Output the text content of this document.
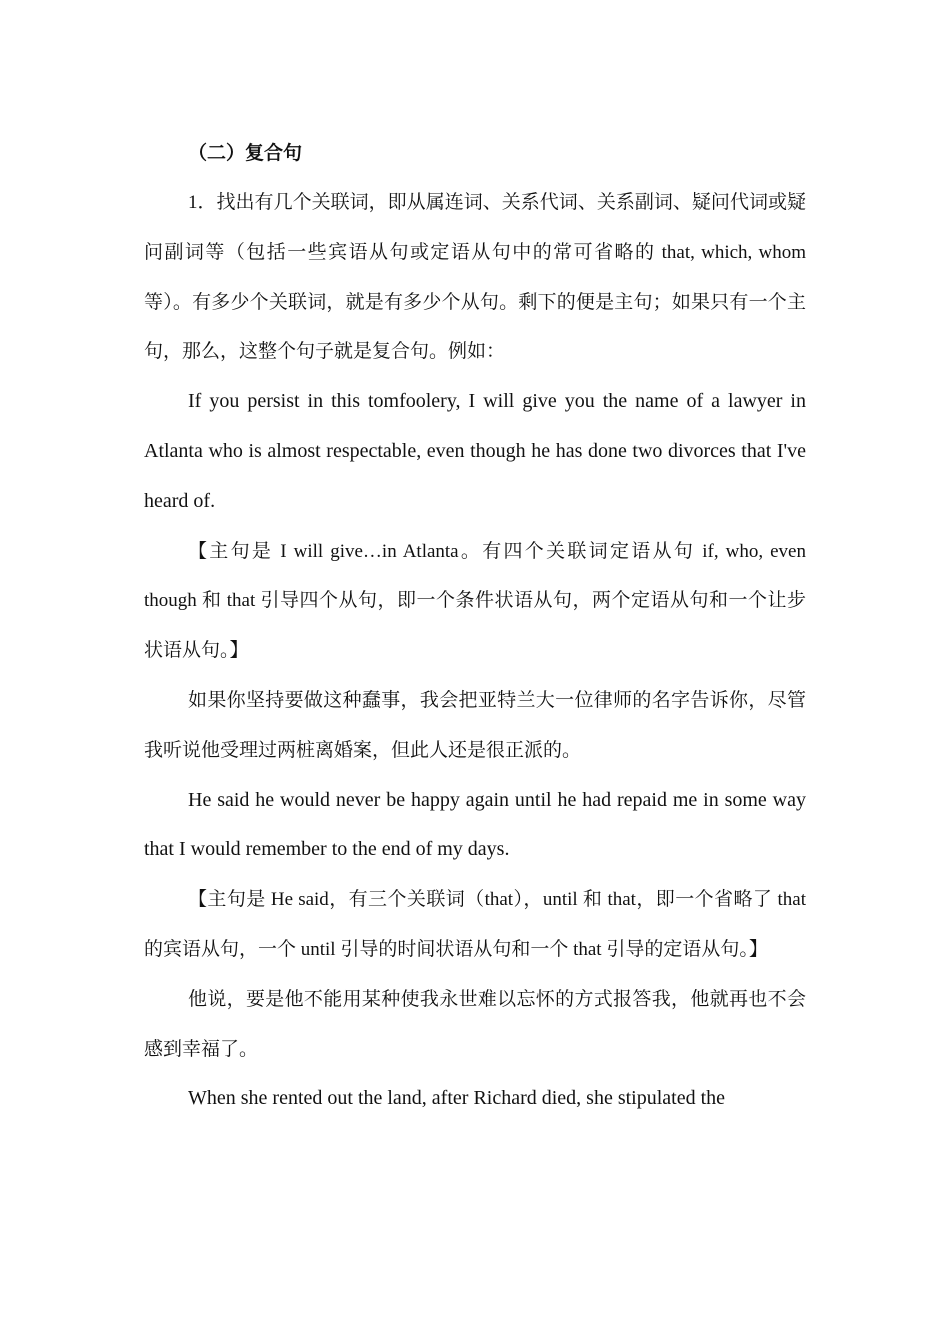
（二）复合句

1．找出有几个关联词，即从属连词、关系代词、关系副词、疑问代词或疑问副词等（包括一些宾语从句或定语从句中的常可省略的 that, which, whom 等）。有多少个关联词，就是有多少个从句。剩下的便是主句；如果只有一个主句，那么，这整个句子就是复合句。例如：

If you persist in this tomfoolery, I will give you the name of a lawyer in Atlanta who is almost respectable, even though he has done two divorces that I've heard of.

【主句是 I will give…in Atlanta。有四个关联词定语从句 if, who, even though 和 that 引导四个从句，即一个条件状语从句，两个定语从句和一个让步状语从句。】

如果你坚持要做这种蠢事，我会把亚特兰大一位律师的名字告诉你，尽管我听说他受理过两桩离婚案，但此人还是很正派的。

He said he would never be happy again until he had repaid me in some way that I would remember to the end of my days.

【主句是 He said，有三个关联词（that），until 和 that，即一个省略了 that 的宾语从句，一个 until 引导的时间状语从句和一个 that 引导的定语从句。】

他说，要是他不能用某种使我永世难以忘怀的方式报答我，他就再也不会感到幸福了。

When she rented out the land, after Richard died, she stipulated the
